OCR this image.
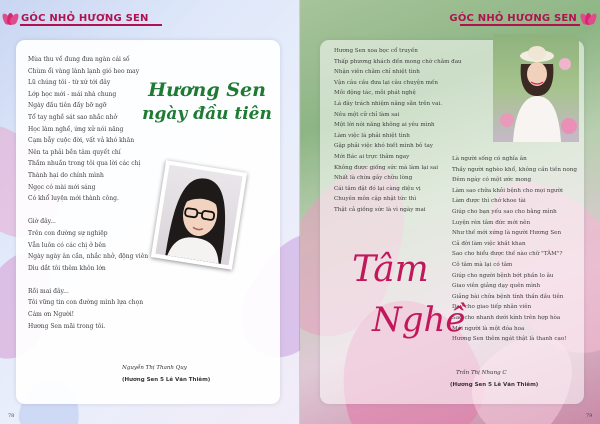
GÓC NHỎ HƯƠNG SEN
Mùa thu về đung đưa ngàn cái số
Chùm ổi vàng lành lạnh gió heo may
Lũ chúng tôi - từ xứ tới đây
Lớp học mới - mái nhà chung
Ngày đầu tiên đầy bỡ ngỡ
Tổ tay nghề sát sao nhắc nhở
Học làm nghề, ứng xử nói năng
Cạm bẫy cuộc đời, vất vả khó khăn
Nên ta phải bền tâm quyết chí
Thầm nhuần trong tôi qua lời các chị
Thành hại do chính mình
Ngọc có mài mới sáng
Có khổ luyện mới thành công.
Giờ đây...
Trên con đường sự nghiệp
Vẫn luôn có các chị ở bên
Ngày ngày ân cần, nhắc nhở, động viên
Dìu dắt tôi thêm khôn lớn
Rồi mai đây...
Tôi vững tin con đường mình lựa chọn
Cám ơn Người!
Hương Sen mãi trong tôi.
Hương Sen
ngày đầu tiên
Nguyễn Thị Thanh Quy
(Hương Sen 5 Lê Văn Thiêm)
78
GÓC NHỎ HƯƠNG SEN
Hương Sen xoa bọc cổ truyền
Thấp phương khách đến mong chờ chăm đau
Nhận viên chăm chỉ nhiệt tình
Vận câu cầu đưa lại câu chuyện mến
Mỗi động tác, mỗi phát nghệ
Lá đây trách nhiệm nâng sẵn trên vai.
Nêu một cử chỉ làm sai
Một lời nói năng không ai yêu mình
Làm việc là phải nhiệt tình
Gặp phải việc khó biết mình bỏ tay
Mới Bác ai trực thâm ngay
Không được giống sức mà làm lại sai
Nhất là chừa gây chữu lòng
Cái tâm đặt đó lại càng diệu vị
Chuyên môn cập nhật tức thì
Thật cả giồng sức là vì ngày mai
Là người sống có nghĩa ân
Thầy người nghèo khổ, không cần tiền nong
Đêm ngày có một ước mong
Làm sao chữa khỏi bệnh cho mọi người
Làm được thì chớ khoe tài
Giúp cho bạn yếu sao cho bằng mình
Luyện rèn tâm đức mới nên
Như thế mới xứng là người Hương Sen
Cả đời làm việc khắt khan
Sao cho hiểu được thế nào chữ "TÂM"?
Cô tâm mà lại có tâm
Giúp cho người bệnh bớt phần lo âu
Giao viên giảng dạy quên mình
Giảng bài chữa bệnh tính thần đầu tiên
Dạy cho giao tiếp nhân viên
Sao cho nhanh dưới kính trên hợp hòa
Mới người là một đóa hoa
Hương Sen thêm ngát thật là thanh cao!
Tâm
Nghề
Trần Thị Nhung C
(Hương Sen 5 Lê Văn Thiêm)
79
